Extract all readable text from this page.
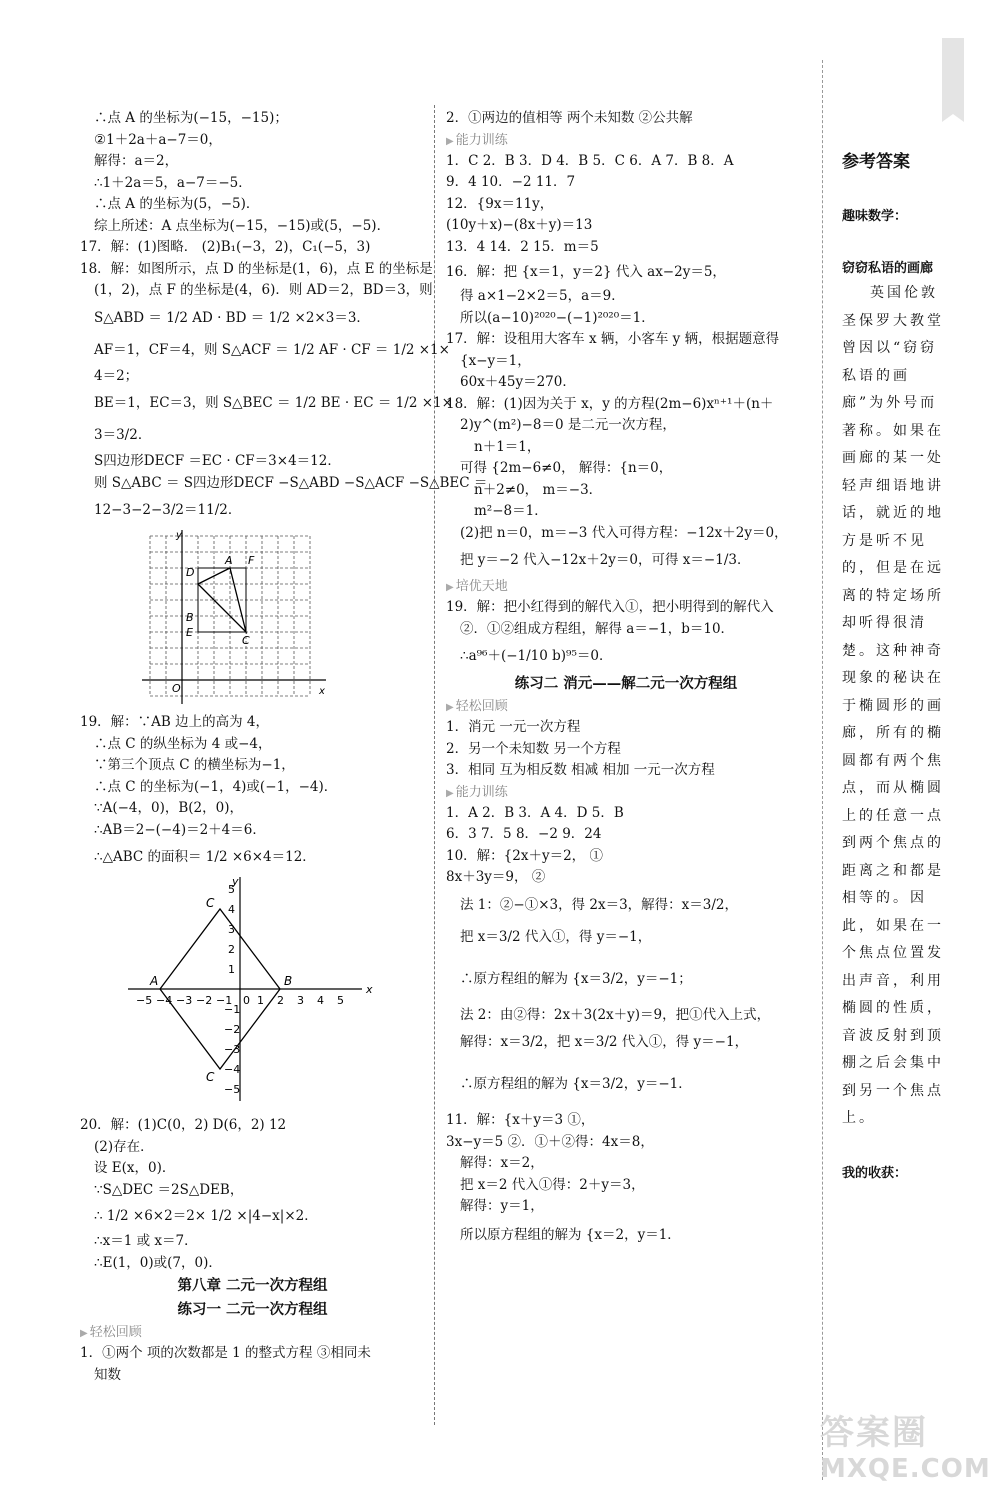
∴点 A 的坐标为(−15，−15)；
②1＋2a＋a−7＝0，
解得：a＝2，
∴1＋2a＝5，a−7＝−5．
∴点 A 的坐标为(5，−5)．
综上所述：A 点坐标为(−15，−15)或(5，−5)．
17．解：(1)图略． (2)B₁(−3，2)，C₁(−5，3)
18．解：如图所示，点 D 的坐标是(1，6)，点 E 的坐标是
(1，2)，点 F 的坐标是(4，6)．则 AD＝2，BD＝3，则
S△ABD ＝ 1/2 AD · BD ＝ 1/2 ×2×3＝3．
AF＝1，CF＝4，则 S△ACF ＝ 1/2 AF · CF ＝ 1/2 ×1×
4＝2；
BE＝1，EC＝3，则 S△BEC ＝ 1/2 BE · EC ＝ 1/2 ×1×
3＝3/2．
S四边形DECF ＝EC · CF＝3×4＝12．
则 S△ABC ＝ S四边形DECF −S△ABD −S△ACF −S△BEC ＝
12−3−2−3/2＝11/2．
x
y
D
A F
B
E
C
O
19．解：∵AB 边上的高为 4，
∴点 C 的纵坐标为 4 或−4，
∵第三个顶点 C 的横坐标为−1，
∴点 C 的坐标为(−1，4)或(−1，−4)．
∵A(−4，0)，B(2，0)，
∴AB＝2−(−4)＝2＋4＝6．
∴△ABC 的面积＝ 1/2 ×6×4＝12．
−5 −4 −3 −2 −1 0 1 2 3 4 5
5
4
3
2
1
−1
−2
−3
−4
−5
x
y
A	B
C
C
20．解：(1)C(0，2) D(6，2) 12
(2)存在．
设 E(x，0)．
∵S△DEC ＝2S△DEB，
∴ 1/2 ×6×2＝2× 1/2 ×|4−x|×2．
∴x＝1 或 x＝7．
∴E(1，0)或(7，0)．
第八章 二元一次方程组
练习一 二元一次方程组
▶ 轻松回顾
1．①两个 项的次数都是 1 的整式方程 ③相同未
知数
2．①两边的值相等 两个未知数 ②公共解
▶ 能力训练
1．C 2．B 3．D 4．B 5．C 6．A 7．B 8．A
9．4 10．−2 11．7
12．{9x＝11y，
(10y＋x)−(8x＋y)＝13
13．4 14．2 15．m＝5
16．解：把 {x＝1，y＝2} 代入 ax−2y＝5，
得 a×1−2×2＝5，a＝9．
所以(a−10)²⁰²⁰−(−1)²⁰²⁰＝1．
17．解：设租用大客车 x 辆，小客车 y 辆，根据题意得
{x−y＝1，
60x＋45y＝270．
18．解：(1)因为关于 x，y 的方程(2m−6)xⁿ⁺¹＋(n＋
2)y^(m²)−8＝0 是二元一次方程，
n＋1＝1，
可得 {2m−6≠0， 解得：{n＝0，
n＋2≠0， m＝−3．
m²−8＝1．
(2)把 n＝0，m＝−3 代入可得方程：−12x＋2y＝0，
把 y＝−2 代入−12x＋2y＝0，可得 x＝−1/3．
▶ 培优天地
19．解：把小红得到的解代入①，把小明得到的解代入
②．①②组成方程组，解得 a＝−1，b＝10．
∴a⁹⁶＋(−1/10 b)⁹⁵＝0．
练习二 消元——解二元一次方程组
▶ 轻松回顾
1．消元 一元一次方程
2．另一个未知数 另一个方程
3．相同 互为相反数 相减 相加 一元一次方程
▶ 能力训练
1．A 2．B 3．A 4．D 5．B
6．3 7．5 8．−2 9．24
10．解：{2x＋y＝2， ①
8x＋3y＝9， ②
法 1：②−①×3，得 2x＝3，解得：x＝3/2，
把 x＝3/2 代入①，得 y＝−1，
∴原方程组的解为 {x＝3/2，y＝−1；
法 2：由②得：2x＋3(2x＋y)＝9，把①代入上式，
解得：x＝3/2，把 x＝3/2 代入①，得 y＝−1，
∴原方程组的解为 {x＝3/2，y＝−1．
11．解：{x＋y＝3 ①，
3x−y＝5 ②．①＋②得：4x＝8，
解得：x＝2，
把 x＝2 代入①得：2＋y＝3，
解得：y＝1，
所以原方程组的解为 {x＝2，y＝1．
参考答案
趣味数学：
窃窃私语的画廊
英国伦敦圣保罗大教堂曾因以“窃窃私语的画廊”为外号而著称。如果在画廊的某一处轻声细语地讲话，就近的地方是听不见的，但是在远离的特定场所却听得很清楚。这种神奇现象的秘诀在于椭圆形的画廊，所有的椭圆都有两个焦点，而从椭圆上的任意一点到两个焦点的距离之和都是相等的。因此，如果在一个焦点位置发出声音，利用椭圆的性质，音波反射到顶棚之后会集中到另一个焦点上。
我的收获：
答案圈
MXQE.COM
